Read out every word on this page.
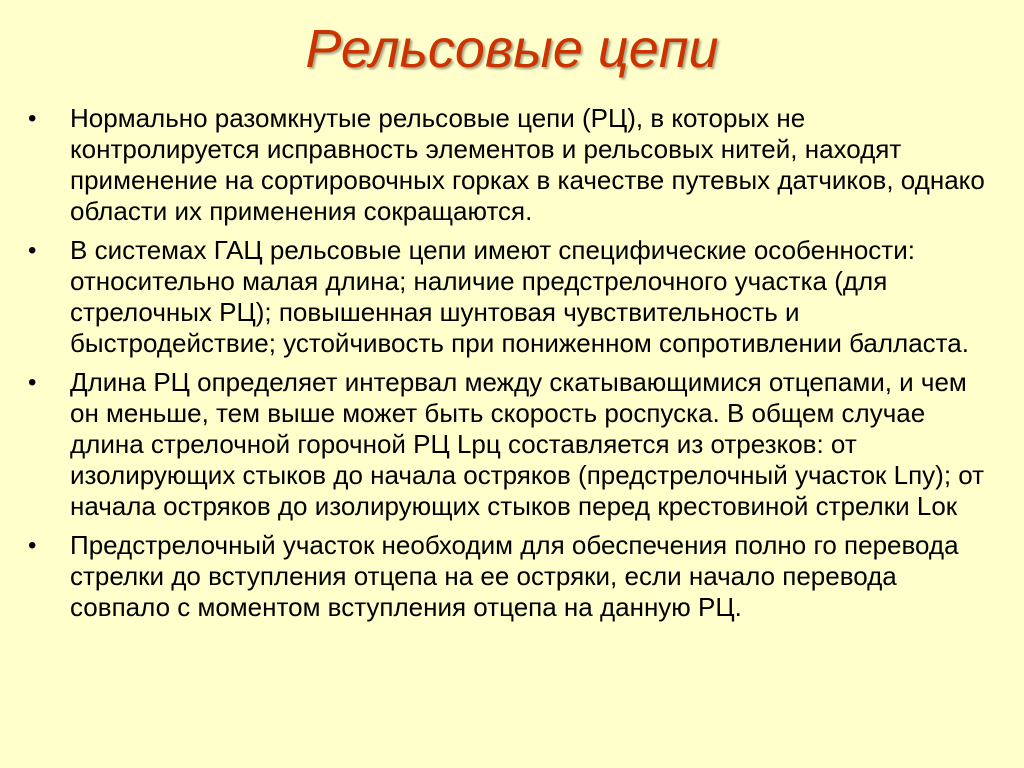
Рельсовые цепи
• Нормально разомкнутые рельсовые цепи (РЦ), в которых не контролируется исправность элементов и рельсовых нитей, находят применение на сортировочных горках в качестве путевых датчиков, однако области их применения сокращаются.
• В системах ГАЦ рельсовые цепи имеют специфические особенности: относительно малая длина; наличие предстрелочного участка (для стрелочных РЦ); повышенная шунтовая чувствительность и быстродействие; устойчивость при пониженном сопротивлении балласта.
• Длина РЦ определяет интервал между скатывающимися отцепами, и чем он меньше, тем выше может быть скорость роспуска. В общем случае длина стрелочной горочной РЦ Lрц составляется из отрезков: от изолирующих стыков до начала остряков (предстрелочный участок Lпу); от начала остряков до изолирующих стыков перед крестовиной стрелки Lок
• Предстрелочный участок необходим для обеспечения полно го перевода стрелки до вступления отцепа на ее остряки, если начало перевода совпало с моментом вступления отцепа на данную РЦ.
